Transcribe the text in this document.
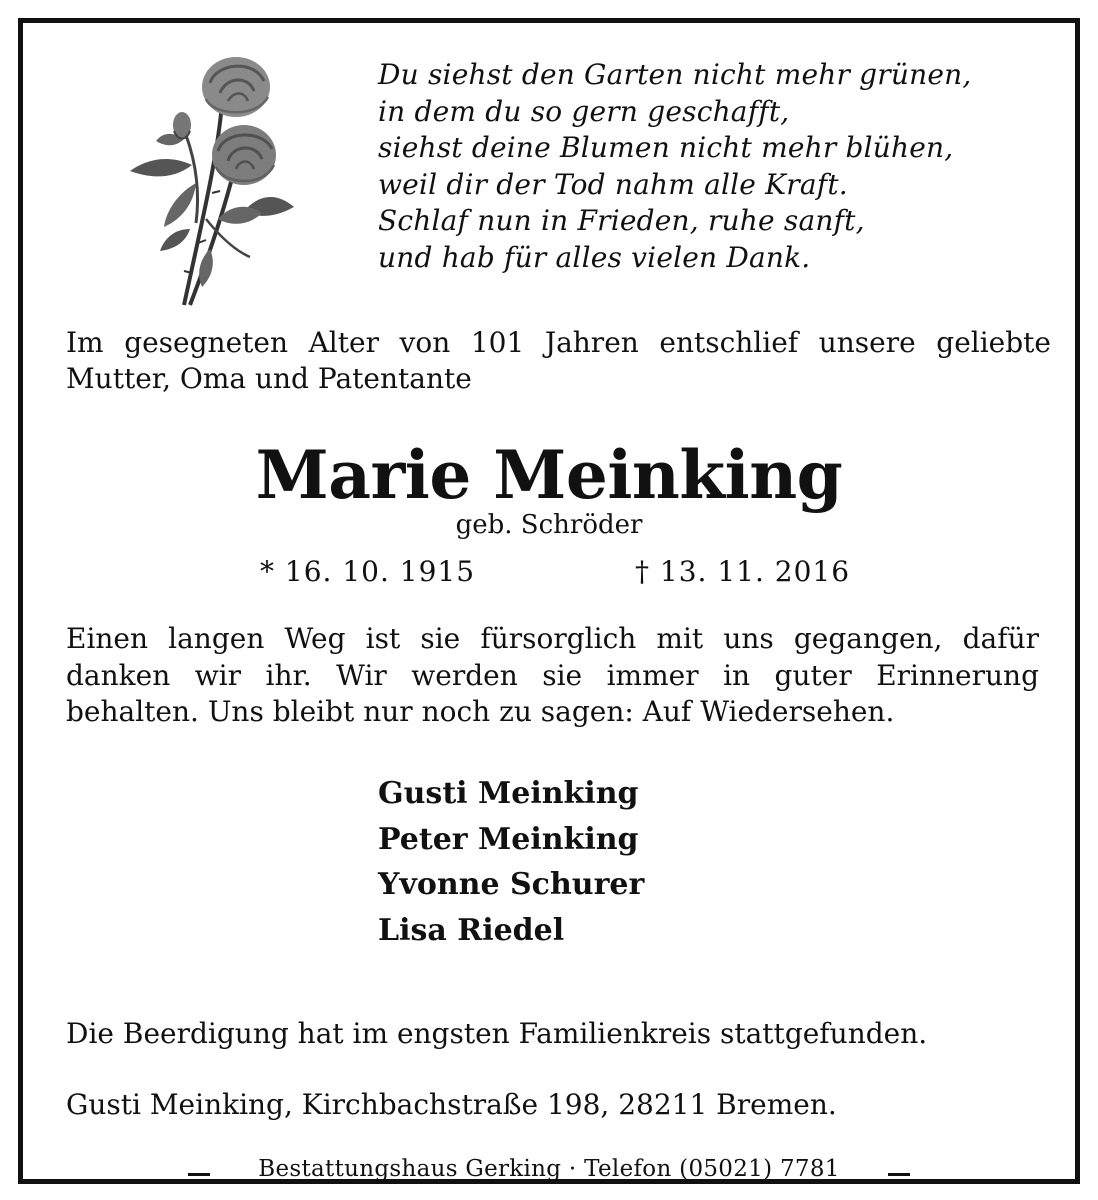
Du siehst den Garten nicht mehr grünen,
in dem du so gern geschafft,
siehst deine Blumen nicht mehr blühen,
weil dir der Tod nahm alle Kraft.
Schlaf nun in Frieden, ruhe sanft,
und hab für alles vielen Dank.
Im gesegneten Alter von 101 Jahren entschlief unsere geliebte
Mutter, Oma und Patentante
Marie Meinking
geb. Schröder
* 16. 10. 1915	† 13. 11. 2016
Einen langen Weg ist sie fürsorglich mit uns gegangen, dafür
danken wir ihr. Wir werden sie immer in guter Erinnerung
behalten. Uns bleibt nur noch zu sagen: Auf Wiedersehen.
Gusti Meinking
Peter Meinking
Yvonne Schurer
Lisa Riedel
Die Beerdigung hat im engsten Familienkreis stattgefunden.
Gusti Meinking, Kirchbachstraße 198, 28211 Bremen.
Bestattungshaus Gerking · Telefon (05021) 7781
